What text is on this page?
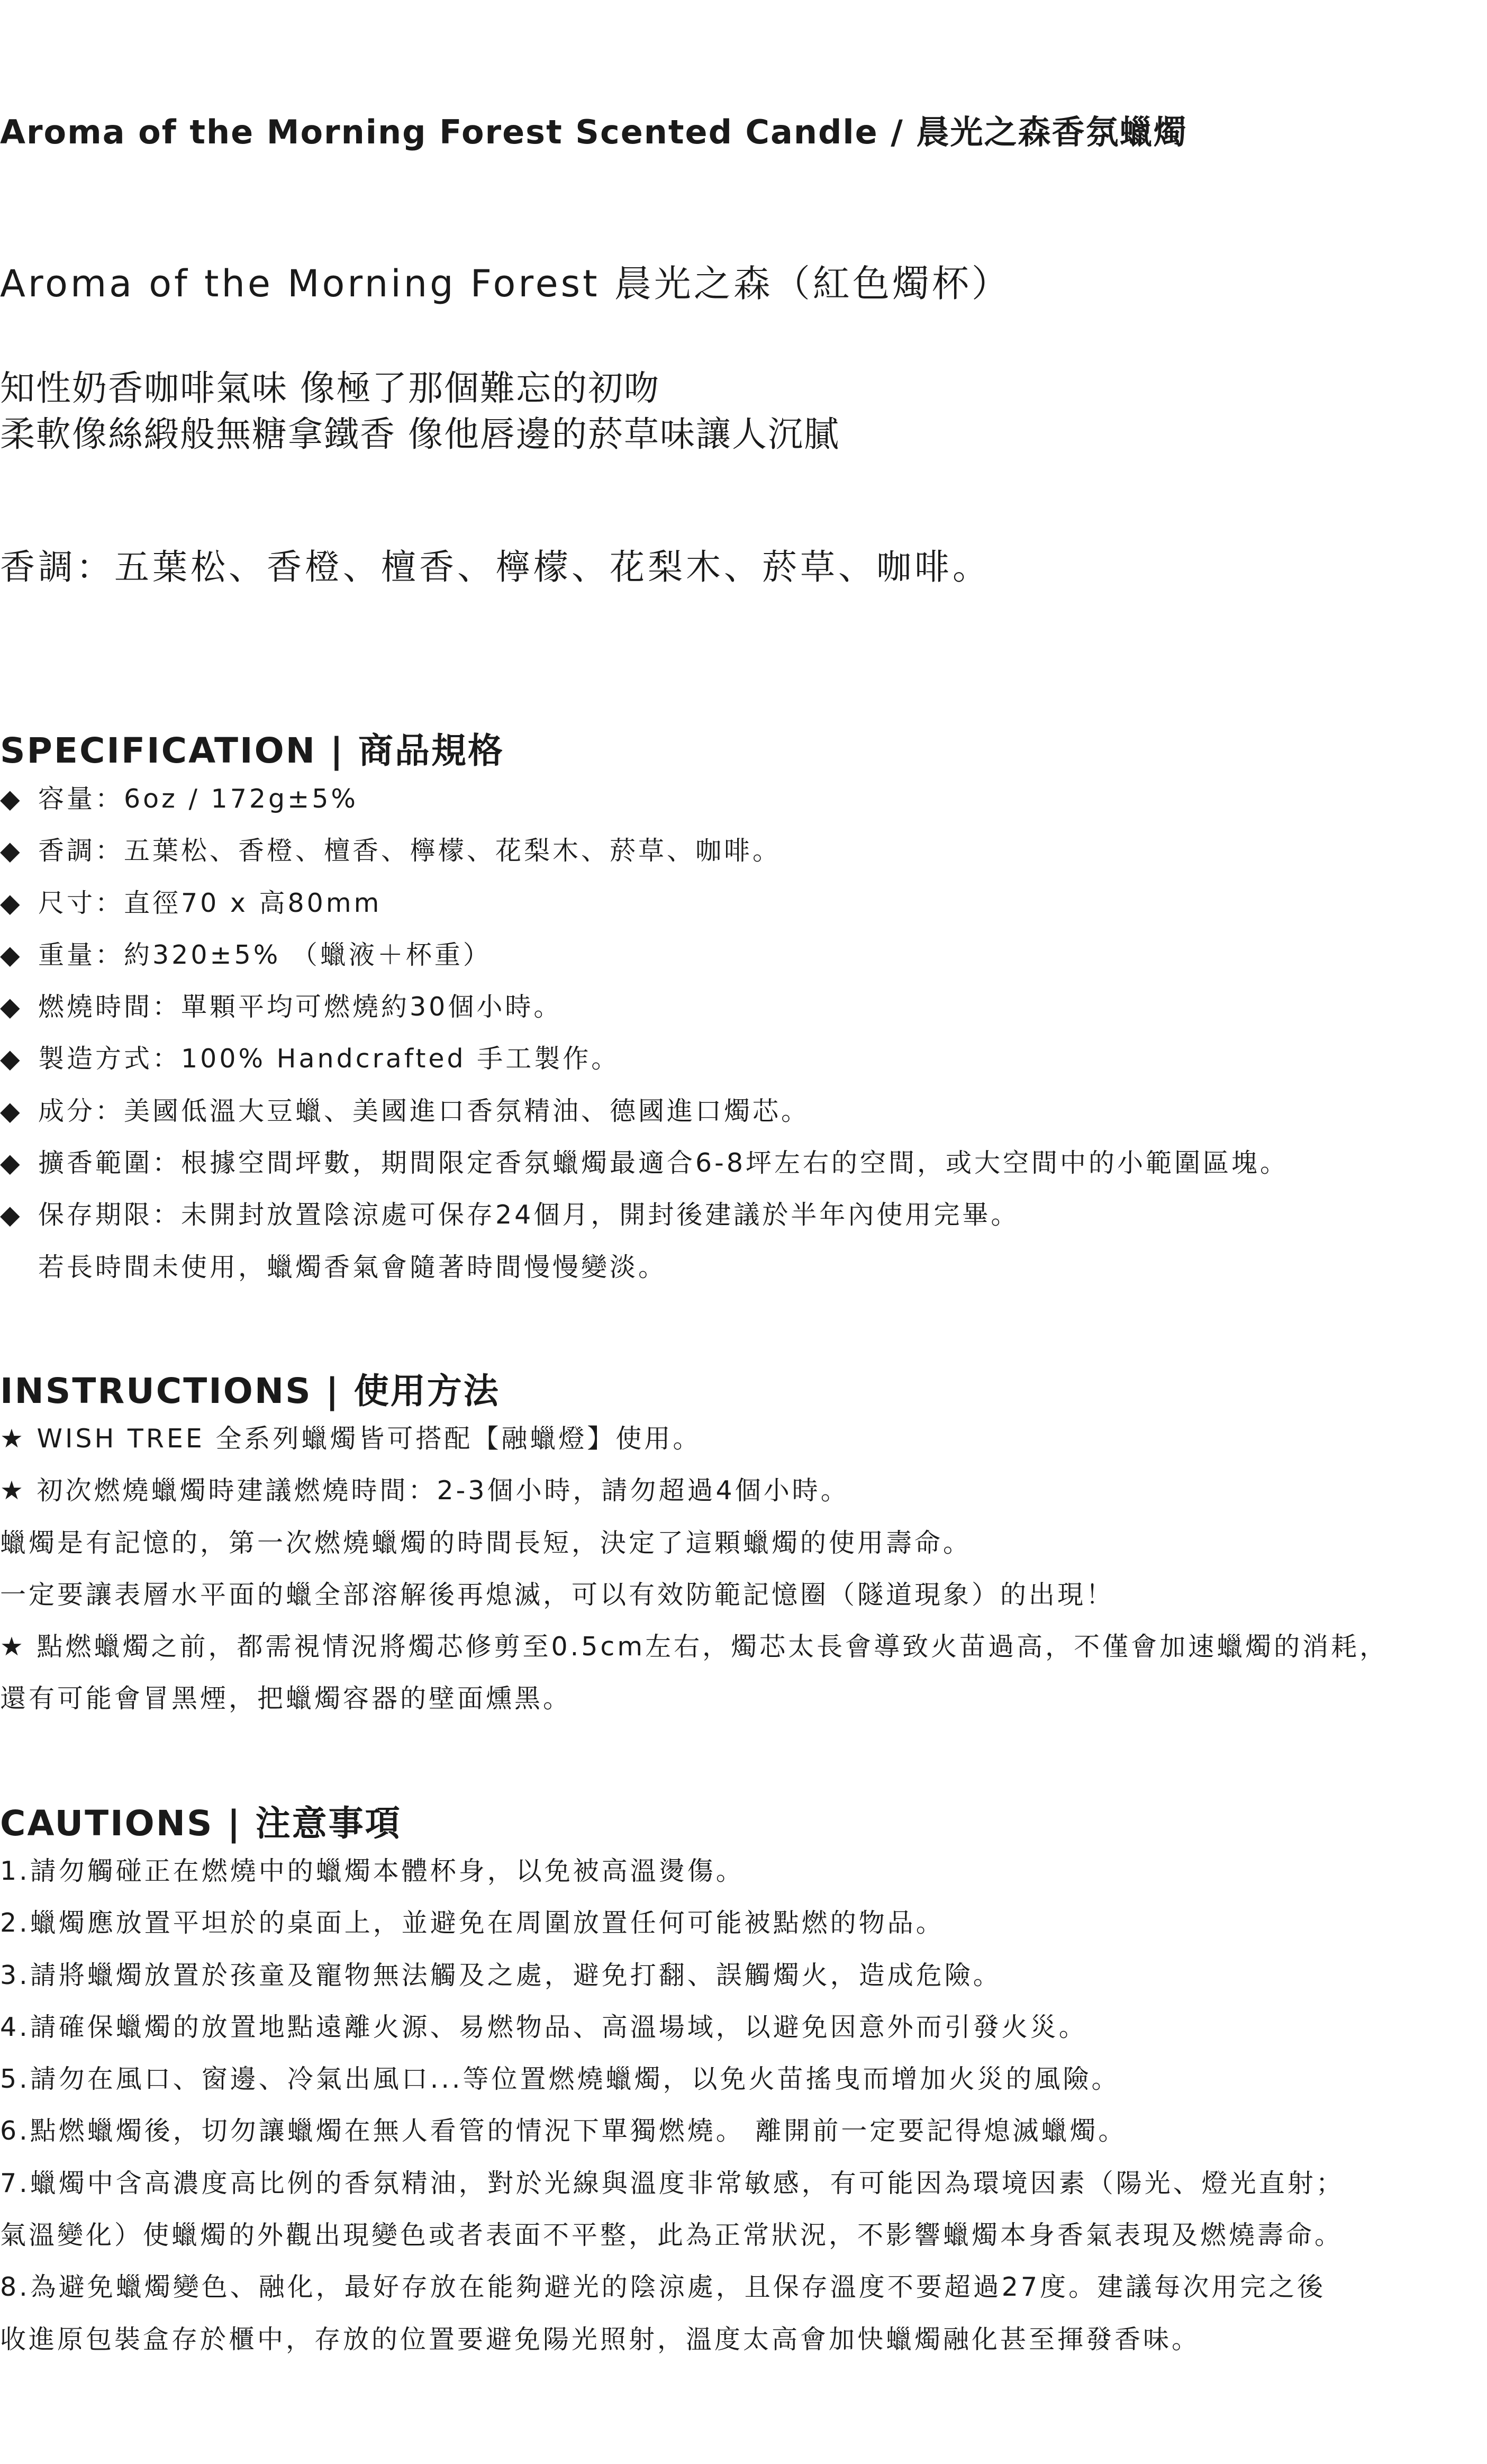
Aroma of the Morning Forest Scented Candle / 晨光之森香氛蠟燭
Aroma of the Morning Forest 晨光之森（紅色燭杯）
知性奶香咖啡氣味 像極了那個難忘的初吻
柔軟像絲緞般無糖拿鐵香 像他唇邊的菸草味讓人沉膩
香調：五葉松、香橙、檀香、檸檬、花梨木、菸草、咖啡。
SPECIFICATION | 商品規格
◆ 容量：6oz / 172g±5%
◆ 香調：五葉松、香橙、檀香、檸檬、花梨木、菸草、咖啡。
◆ 尺寸：直徑70 x 高80mm
◆ 重量：約320±5% （蠟液＋杯重）
◆ 燃燒時間：單顆平均可燃燒約30個小時。
◆ 製造方式：100% Handcrafted 手工製作。
◆ 成分：美國低溫大豆蠟、美國進口香氛精油、德國進口燭芯。
◆ 擴香範圍：根據空間坪數，期間限定香氛蠟燭最適合6-8坪左右的空間，或大空間中的小範圍區塊。
◆ 保存期限：未開封放置陰涼處可保存24個月，開封後建議於半年內使用完畢。
若長時間未使用，蠟燭香氣會隨著時間慢慢變淡。
INSTRUCTIONS | 使用方法
★ WISH TREE 全系列蠟燭皆可搭配【融蠟燈】使用。
★ 初次燃燒蠟燭時建議燃燒時間：2-3個小時，請勿超過4個小時。
蠟燭是有記憶的，第一次燃燒蠟燭的時間長短，決定了這顆蠟燭的使用壽命。
一定要讓表層水平面的蠟全部溶解後再熄滅，可以有效防範記憶圈（隧道現象）的出現！
★ 點燃蠟燭之前，都需視情況將燭芯修剪至0.5cm左右，燭芯太長會導致火苗過高，不僅會加速蠟燭的消耗，
還有可能會冒黑煙，把蠟燭容器的壁面燻黑。
CAUTIONS | 注意事項
1.請勿觸碰正在燃燒中的蠟燭本體杯身，以免被高溫燙傷。
2.蠟燭應放置平坦於的桌面上，並避免在周圍放置任何可能被點燃的物品。
3.請將蠟燭放置於孩童及寵物無法觸及之處，避免打翻、誤觸燭火，造成危險。
4.請確保蠟燭的放置地點遠離火源、易燃物品、高溫場域，以避免因意外而引發火災。
5.請勿在風口、窗邊、冷氣出風口...等位置燃燒蠟燭，以免火苗搖曳而增加火災的風險。
6.點燃蠟燭後，切勿讓蠟燭在無人看管的情況下單獨燃燒。 離開前一定要記得熄滅蠟燭。
7.蠟燭中含高濃度高比例的香氛精油，對於光線與溫度非常敏感，有可能因為環境因素（陽光、燈光直射；
氣溫變化）使蠟燭的外觀出現變色或者表面不平整，此為正常狀況，不影響蠟燭本身香氣表現及燃燒壽命。
8.為避免蠟燭變色、融化，最好存放在能夠避光的陰涼處，且保存溫度不要超過27度。建議每次用完之後
收進原包裝盒存於櫃中，存放的位置要避免陽光照射，溫度太高會加快蠟燭融化甚至揮發香味。
